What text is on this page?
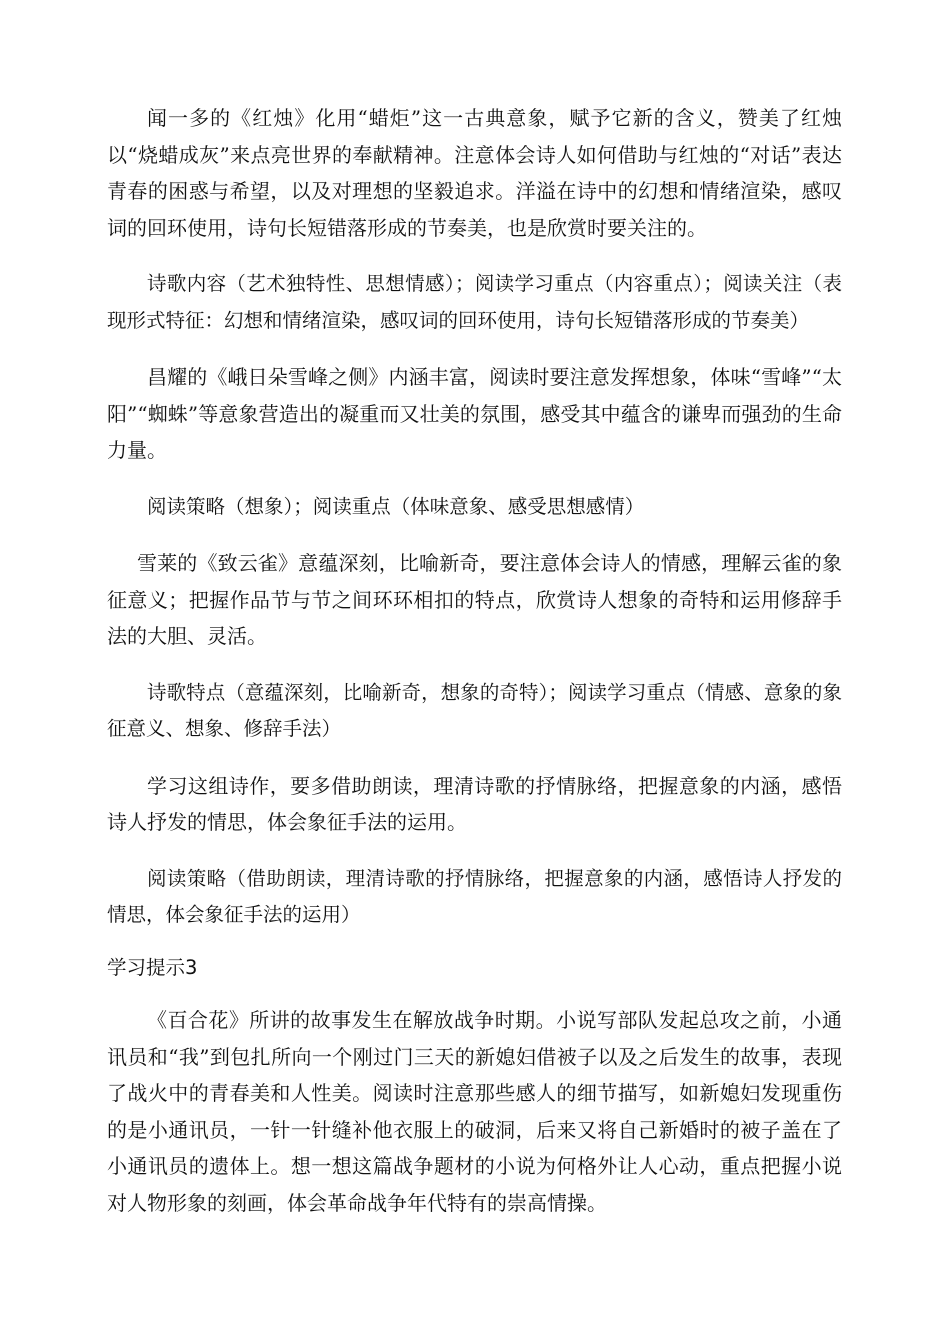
闻一多的《红烛》化用“蜡炬”这一古典意象，赋予它新的含义，赞美了红烛以“烧蜡成灰”来点亮世界的奉献精神。注意体会诗人如何借助与红烛的“对话”表达青春的困惑与希望，以及对理想的坚毅追求。洋溢在诗中的幻想和情绪渲染，感叹词的回环使用，诗句长短错落形成的节奏美，也是欣赏时要关注的。

诗歌内容（艺术独特性、思想情感）；阅读学习重点（内容重点）；阅读关注（表现形式特征：幻想和情绪渲染，感叹词的回环使用，诗句长短错落形成的节奏美）

昌耀的《峨日朵雪峰之侧》内涵丰富，阅读时要注意发挥想象，体味“雪峰”“太阳”“蜘蛛”等意象营造出的凝重而又壮美的氛围，感受其中蕴含的谦卑而强劲的生命力量。

阅读策略（想象）；阅读重点（体味意象、感受思想感情）

雪莱的《致云雀》意蕴深刻，比喻新奇，要注意体会诗人的情感，理解云雀的象征意义；把握作品节与节之间环环相扣的特点，欣赏诗人想象的奇特和运用修辞手法的大胆、灵活。

诗歌特点（意蕴深刻，比喻新奇，想象的奇特）；阅读学习重点（情感、意象的象征意义、想象、修辞手法）

学习这组诗作，要多借助朗读，理清诗歌的抒情脉络，把握意象的内涵，感悟诗人抒发的情思，体会象征手法的运用。

阅读策略（借助朗读，理清诗歌的抒情脉络，把握意象的内涵，感悟诗人抒发的情思，体会象征手法的运用）

学习提示3

《百合花》所讲的故事发生在解放战争时期。小说写部队发起总攻之前，小通讯员和“我”到包扎所向一个刚过门三天的新媳妇借被子以及之后发生的故事，表现了战火中的青春美和人性美。阅读时注意那些感人的细节描写，如新媳妇发现重伤的是小通讯员，一针一针缝补他衣服上的破洞，后来又将自己新婚时的被子盖在了小通讯员的遗体上。想一想这篇战争题材的小说为何格外让人心动，重点把握小说对人物形象的刻画，体会革命战争年代特有的崇高情操。
